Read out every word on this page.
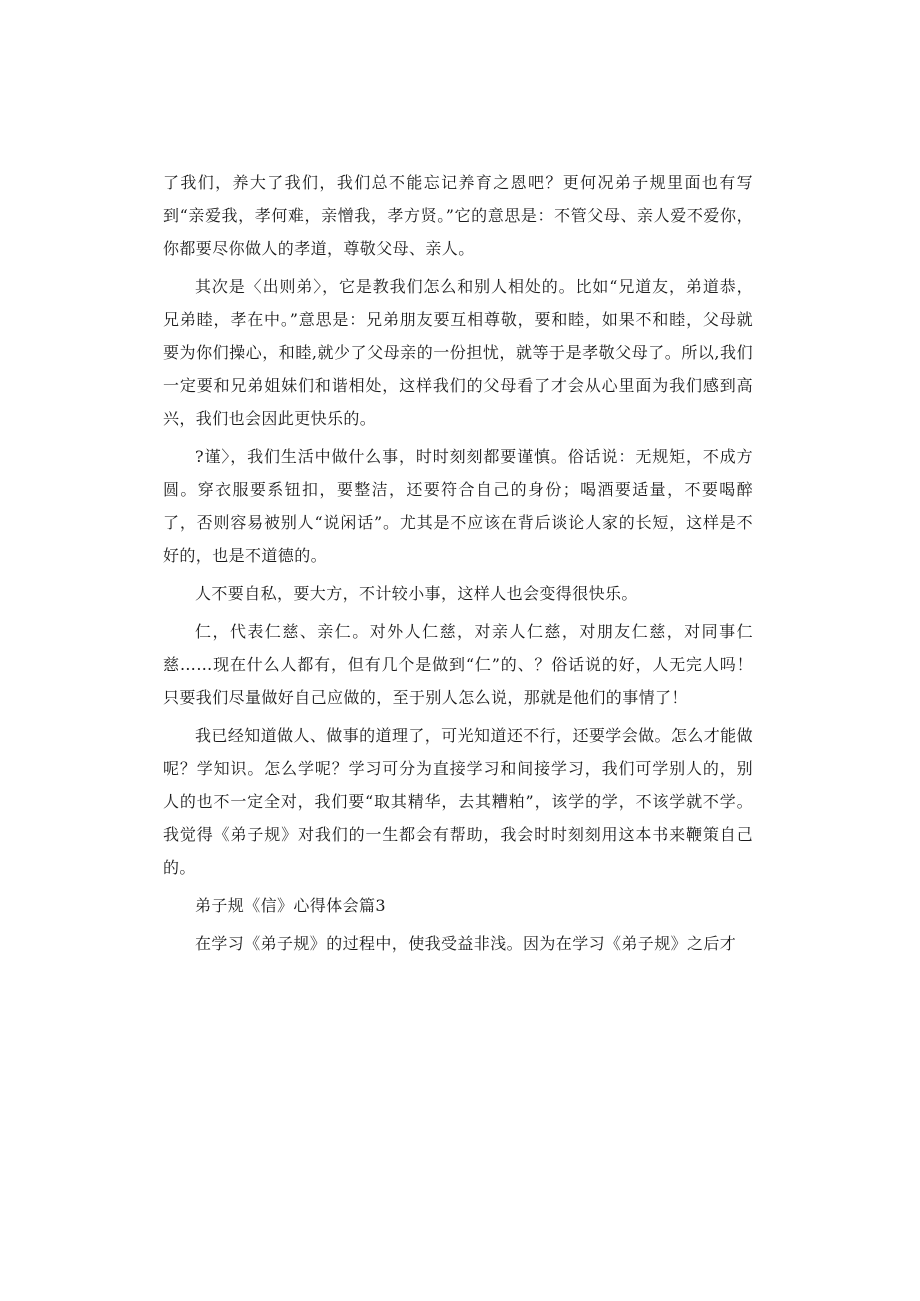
了我们，养大了我们，我们总不能忘记养育之恩吧？更何况弟子规里面也有写到“亲爱我，孝何难，亲憎我，孝方贤。”它的意思是：不管父母、亲人爱不爱你，你都要尽你做人的孝道，尊敬父母、亲人。

其次是〈出则弟〉，它是教我们怎么和别人相处的。比如“兄道友，弟道恭，兄弟睦，孝在中。”意思是：兄弟朋友要互相尊敬，要和睦，如果不和睦，父母就要为你们操心，和睦,就少了父母亲的一份担忧，就等于是孝敬父母了。所以,我们一定要和兄弟姐妹们和谐相处，这样我们的父母看了才会从心里面为我们感到高兴，我们也会因此更快乐的。

?谨〉，我们生活中做什么事，时时刻刻都要谨慎。俗话说：无规矩，不成方圆。穿衣服要系钮扣，要整洁，还要符合自己的身份；喝酒要适量，不要喝醉了，否则容易被别人“说闲话”。尤其是不应该在背后谈论人家的长短，这样是不好的，也是不道德的。

人不要自私，要大方，不计较小事，这样人也会变得很快乐。

仁，代表仁慈、亲仁。对外人仁慈，对亲人仁慈，对朋友仁慈，对同事仁慈……现在什么人都有，但有几个是做到“仁”的、？俗话说的好，人无完人吗！只要我们尽量做好自己应做的，至于别人怎么说，那就是他们的事情了！

我已经知道做人、做事的道理了，可光知道还不行，还要学会做。怎么才能做呢？学知识。怎么学呢？学习可分为直接学习和间接学习，我们可学别人的，别人的也不一定全对，我们要“取其精华，去其糟粕”，该学的学，不该学就不学。我觉得《弟子规》对我们的一生都会有帮助，我会时时刻刻用这本书来鞭策自己的。

弟子规《信》心得体会篇3

在学习《弟子规》的过程中，使我受益非浅。因为在学习《弟子规》之后才
